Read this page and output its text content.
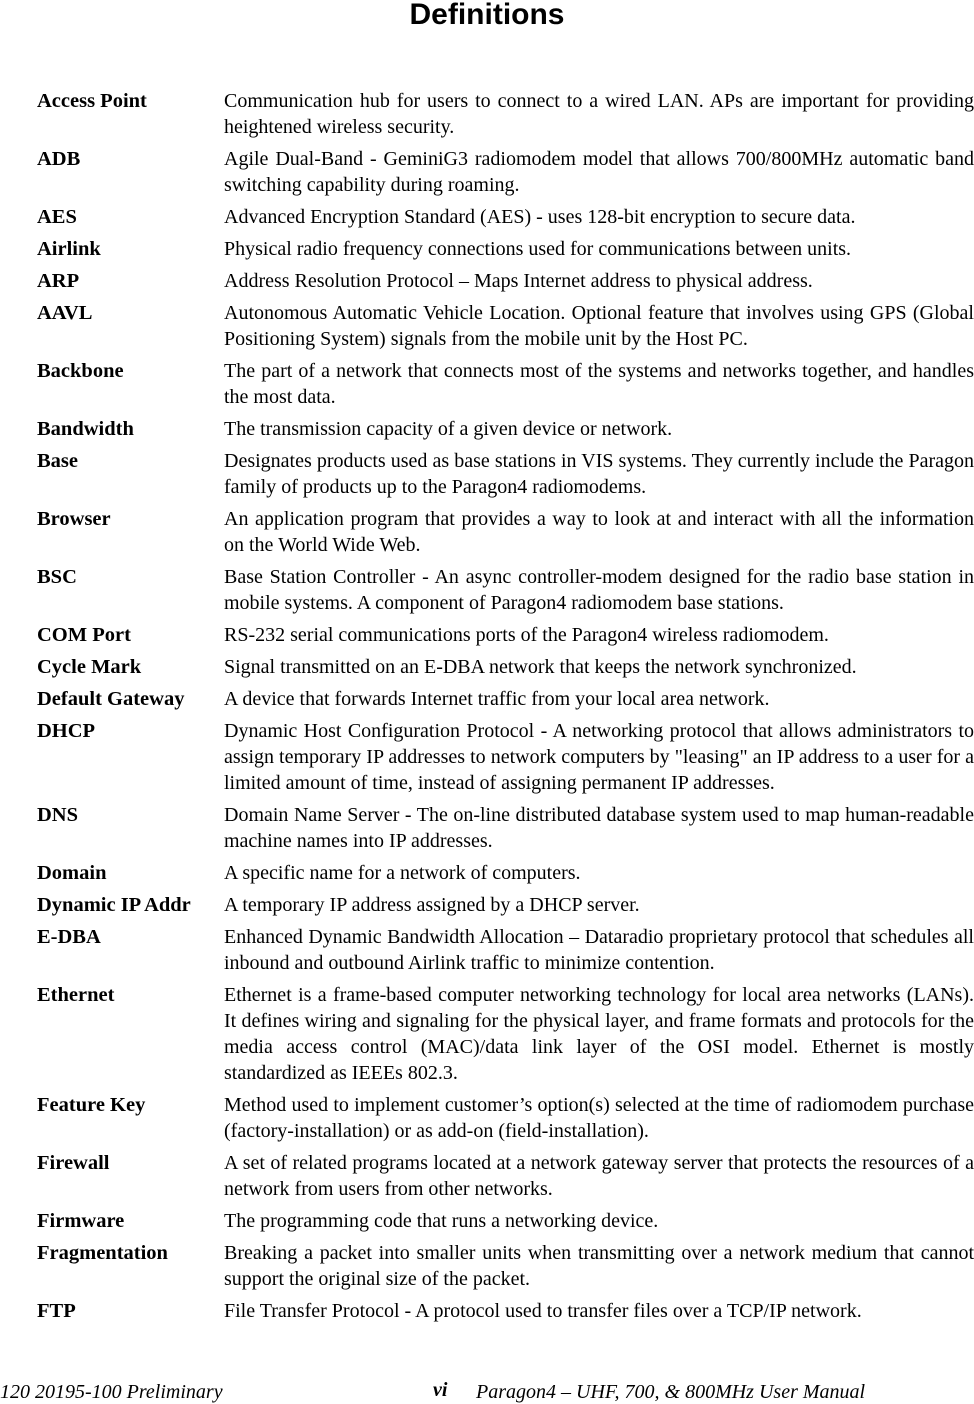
Definitions
Access Point	Communication hub for users to connect to a wired LAN. APs are important for providing heightened wireless security.
ADB	Agile Dual-Band - GeminiG3 radiomodem model that allows 700/800MHz automatic band switching capability during roaming.
AES	Advanced Encryption Standard (AES) - uses 128-bit encryption to secure data.
Airlink	Physical radio frequency connections used for communications between units.
ARP	Address Resolution Protocol – Maps Internet address to physical address.
AAVL	Autonomous Automatic Vehicle Location. Optional feature that involves using GPS (Global Positioning System) signals from the mobile unit by the Host PC.
Backbone	The part of a network that connects most of the systems and networks together, and handles the most data.
Bandwidth	The transmission capacity of a given device or network.
Base	Designates products used as base stations in VIS systems. They currently include the Paragon family of products up to the Paragon4 radiomodems.
Browser	An application program that provides a way to look at and interact with all the information on the World Wide Web.
BSC	Base Station Controller - An async controller-modem designed for the radio base station in mobile systems. A component of Paragon4 radiomodem base stations.
COM Port	RS-232 serial communications ports of the Paragon4 wireless radiomodem.
Cycle Mark	Signal transmitted on an E-DBA network that keeps the network synchronized.
Default Gateway	A device that forwards Internet traffic from your local area network.
DHCP	Dynamic Host Configuration Protocol - A networking protocol that allows administrators to assign temporary IP addresses to network computers by "leasing" an IP address to a user for a limited amount of time, instead of assigning permanent IP addresses.
DNS	Domain Name Server - The on-line distributed database system used to map human-readable machine names into IP addresses.
Domain	A specific name for a network of computers.
Dynamic IP Addr	A temporary IP address assigned by a DHCP server.
E-DBA	Enhanced Dynamic Bandwidth Allocation – Dataradio proprietary protocol that schedules all inbound and outbound Airlink traffic to minimize contention.
Ethernet	Ethernet is a frame-based computer networking technology for local area networks (LANs). It defines wiring and signaling for the physical layer, and frame formats and protocols for the media access control (MAC)/data link layer of the OSI model. Ethernet is mostly standardized as IEEEs 802.3.
Feature Key	Method used to implement customer’s option(s) selected at the time of radiomodem purchase (factory-installation) or as add-on (field-installation).
Firewall	A set of related programs located at a network gateway server that protects the resources of a network from users from other networks.
Firmware	The programming code that runs a networking device.
Fragmentation	Breaking a packet into smaller units when transmitting over a network medium that cannot support the original size of the packet.
FTP	File Transfer Protocol - A protocol used to transfer files over a TCP/IP network.
120 20195-100 Preliminary	vi Paragon4 – UHF, 700, & 800MHz User Manual
